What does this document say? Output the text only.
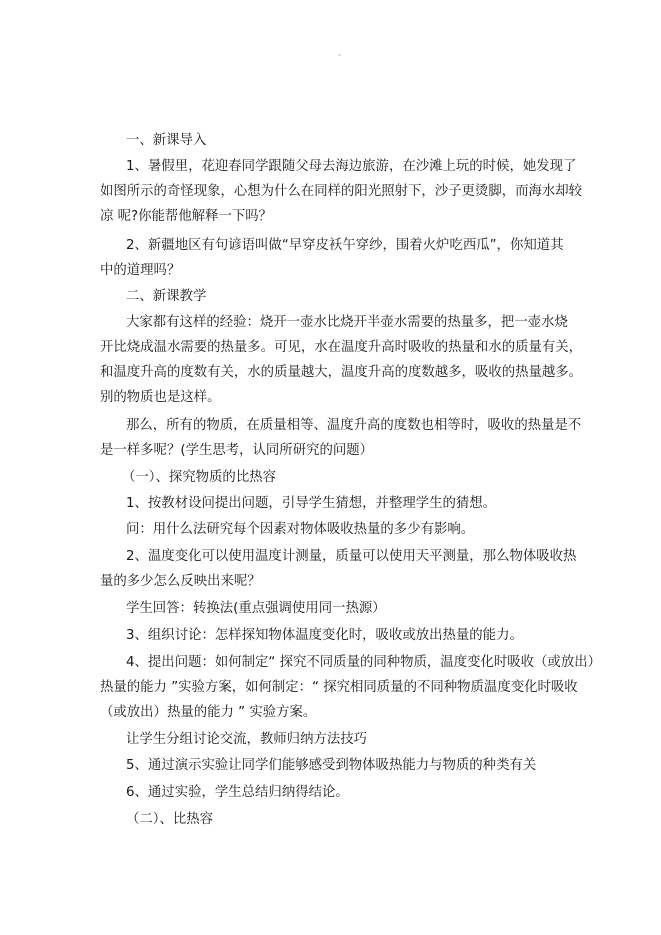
一、新课导入
1、暑假里，花迎春同学跟随父母去海边旅游，在沙滩上玩的时候，她发现了
如图所示的奇怪现象，心想为什么在同样的阳光照射下，沙子更烫脚，而海水却较
凉 呢?你能帮他解释一下吗？
2、新疆地区有句谚语叫做“早穿皮袄午穿纱，围着火炉吃西瓜”，你知道其
中的道理吗？
二、新课教学
大家都有这样的经验：烧开一壶水比烧开半壶水需要的热量多，把一壶水烧
开比烧成温水需要的热量多。可见，水在温度升高时吸收的热量和水的质量有关，
和温度升高的度数有关，水的质量越大，温度升高的度数越多，吸收的热量越多。
别的物质也是这样。
那么，所有的物质，在质量相等、温度升高的度数也相等时，吸收的热量是不
是一样多呢？(学生思考，认同所研究的问题）
（一）、探究物质的比热容
1、按教材设问提出问题，引导学生猜想，并整理学生的猜想。
问：用什么法研究每个因素对物体吸收热量的多少有影响。
2、温度变化可以使用温度计测量，质量可以使用天平测量，那么物体吸收热
量的多少怎么反映出来呢？
学生回答：转换法(重点强调使用同一热源）
3、组织讨论：怎样探知物体温度变化时，吸收或放出热量的能力。
4、提出问题：如何制定“ 探究不同质量的同种物质，温度变化时吸收（或放出）
热量的能力 ”实验方案，如何制定：“ 探究相同质量的不同种物质温度变化时吸收
（或放出）热量的能力 ” 实验方案。
让学生分组讨论交流，教师归纳方法技巧
5、通过演示实验让同学们能够感受到物体吸热能力与物质的种类有关
6、通过实验，学生总结归纳得结论。
（二）、比热容
